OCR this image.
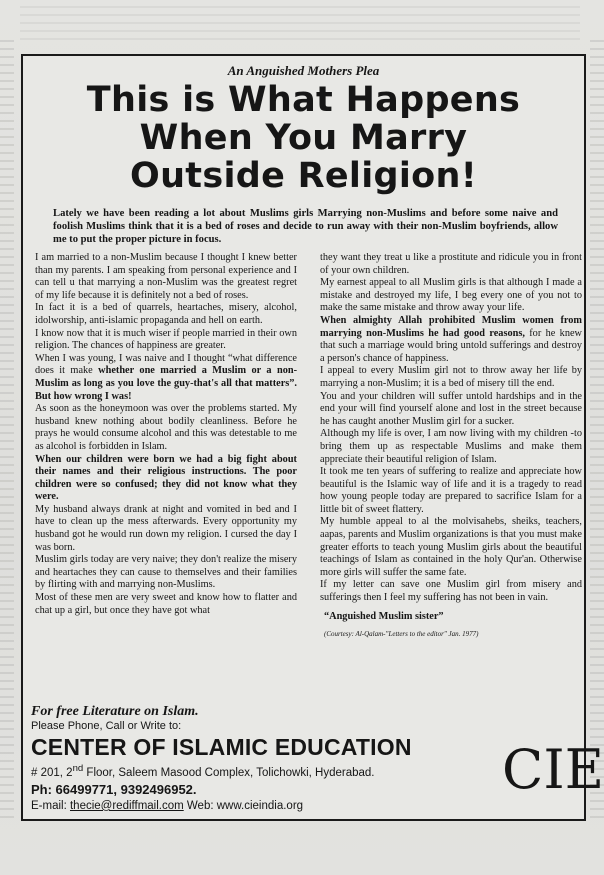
An Anguished Mothers Plea
This is What Happens
When You Marry
Outside Religion!
Lately we have been reading a lot about Muslims girls Marrying non-Muslims and before some naive and foolish Muslims think that it is a bed of roses and decide to run away with their non-Muslim boyfriends, allow me to put the proper picture in focus.

I am married to a non-Muslim because I thought I knew better than my parents. I am speaking from personal experience and I can tell u that marrying a non-Muslim was the greatest regret of my life because it is definitely not a bed of roses.

In fact it is a bed of quarrels, heartaches, misery, alcohol, idolworship, anti-islamic propaganda and hell on earth.

I know now that it is much wiser if people married in their own religion. The chances of happiness are greater.

When I was young, I was naive and I thought “what difference does it make whether one married a Muslim or a non-Muslim as long as you love the guy-that's all that matters”. But how wrong I was!

As soon as the honeymoon was over the problems started. My husband knew nothing about bodily cleanliness. Before he prays he would consume alcohol and this was detestable to me as alcohol is forbidden in Islam.

When our children were born we had a big fight about their names and their religious instructions. The poor children were so confused; they did not know what they were.

My husband always drank at night and vomited in bed and I have to clean up the mess afterwards. Every opportunity my husband got he would run down my religion. I cursed the day I was born.

Muslim girls today are very naive; they don't realize the misery and heartaches they can cause to themselves and their families by flirting with and marrying non-Muslims.

Most of these men are very sweet and know how to flatter and chat up a girl, but once they have got what

they want they treat u like a prostitute and ridicule you in front of your own children.

My earnest appeal to all Muslim girls is that although I made a mistake and destroyed my life, I beg every one of you not to make the same mistake and throw away your life.

When almighty Allah prohibited Muslim women from marrying non-Muslims he had good reasons, for he knew that such a marriage would bring untold sufferings and destroy a person's chance of happiness.

I appeal to every Muslim girl not to throw away her life by marrying a non-Muslim; it is a bed of misery till the end.

You and your children will suffer untold hardships and in the end your will find yourself alone and lost in the street because he has caught another Muslim girl for a sucker.

Although my life is over, I am now living with my children -to bring them up as respectable Muslims and make them appreciate their beautiful religion of Islam.

It took me ten years of suffering to realize and appreciate how beautiful is the Islamic way of life and it is a tragedy to read how young people today are prepared to sacrifice Islam for a little bit of sweet flattery.

My humble appeal to al the molvisahebs, sheiks, teachers, aapas, parents and Muslim organizations is that you must make greater efforts to teach young Muslim girls about the beautiful teachings of Islam as contained in the holy Qur'an. Otherwise more girls will suffer the same fate.

If my letter can save one Muslim girl from misery and sufferings then I feel my suffering has not been in vain.

“Anguished Muslim sister”

(Courtesy: Al-Qalam-"Letters to the editor" Jan. 1977)

For free Literature on Islam.
Please Phone, Call or Write to:
CENTER OF ISLAMIC EDUCATION
# 201, 2nd Floor, Saleem Masood Complex, Tolichowki, Hyderabad.
Ph: 66499771, 9392496952.
E-mail: thecie@rediffmail.com Web: www.cieindia.org
CIE
